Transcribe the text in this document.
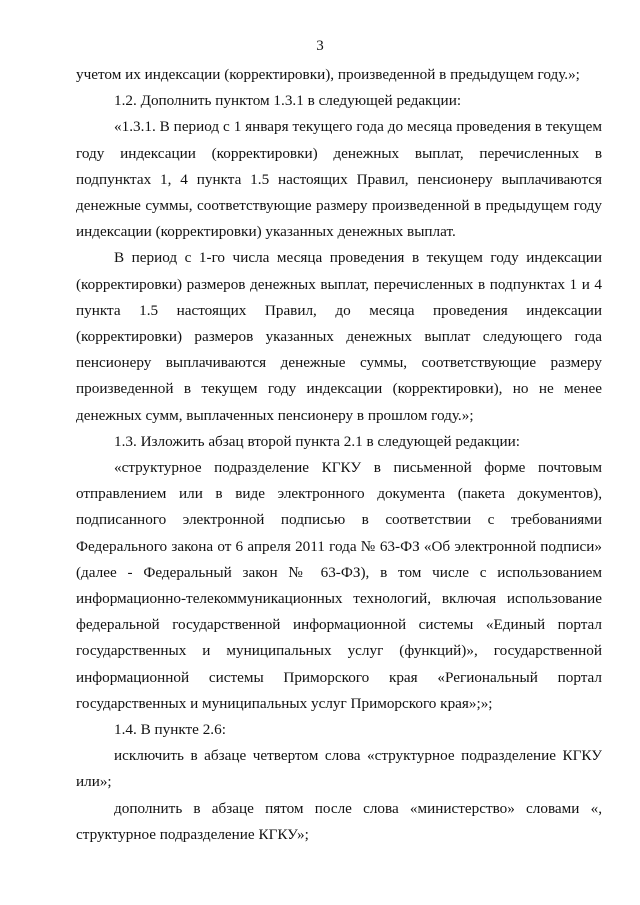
3

учетом их индексации (корректировки), произведенной в предыдущем году.»;

1.2. Дополнить пунктом 1.3.1 в следующей редакции:

«1.3.1. В период с 1 января текущего года до месяца проведения в текущем году индексации (корректировки) денежных выплат, перечисленных в подпунктах 1, 4 пункта 1.5 настоящих Правил, пенсионеру выплачиваются денежные суммы, соответствующие размеру произведенной в предыдущем году индексации (корректировки) указанных денежных выплат.

В период с 1-го числа месяца проведения в текущем году индексации (корректировки) размеров денежных выплат, перечисленных в подпунктах 1 и 4 пункта 1.5 настоящих Правил, до месяца проведения индексации (корректировки) размеров указанных денежных выплат следующего года пенсионеру выплачиваются денежные суммы, соответствующие размеру произведенной в текущем году индексации (корректировки), но не менее денежных сумм, выплаченных пенсионеру в прошлом году.»;

1.3. Изложить абзац второй пункта 2.1 в следующей редакции:

«структурное подразделение КГКУ в письменной форме почтовым отправлением или в виде электронного документа (пакета документов), подписанного электронной подписью в соответствии с требованиями Федерального закона от 6 апреля 2011 года № 63-ФЗ «Об электронной подписи» (далее - Федеральный закон № 63-ФЗ), в том числе с использованием информационно-телекоммуникационных технологий, включая использование федеральной государственной информационной системы «Единый портал государственных и муниципальных услуг (функций)», государственной информационной системы Приморского края «Региональный портал государственных и муниципальных услуг Приморского края»;»;

1.4. В пункте 2.6:

исключить в абзаце четвертом слова «структурное подразделение КГКУ или»;

дополнить в абзаце пятом после слова «министерство» словами «, структурное подразделение КГКУ»;
